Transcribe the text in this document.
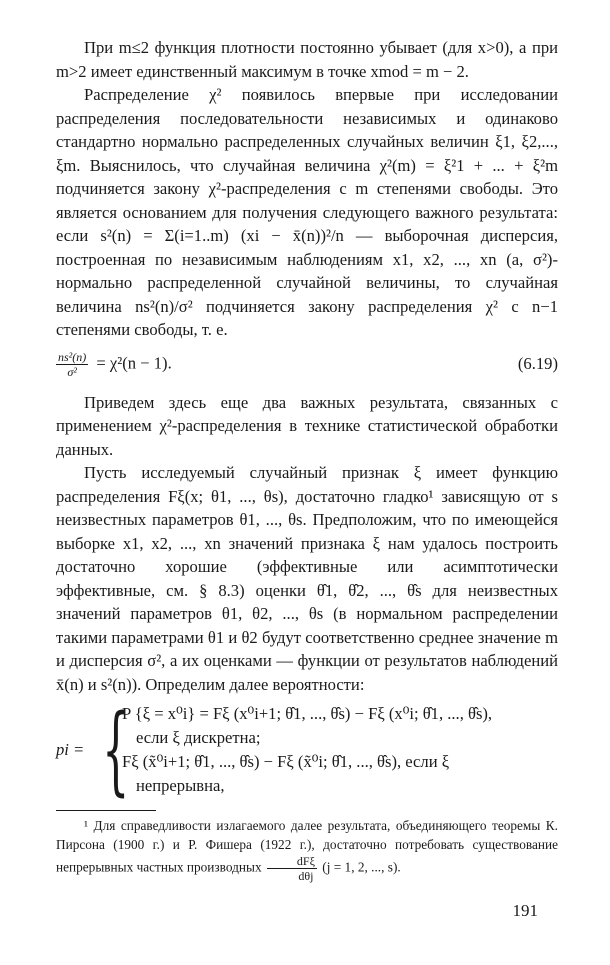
При m≤2 функция плотности постоянно убывает (для x>0), а при m>2 имеет единственный максимум в точке xmod = m − 2.

Распределение χ² появилось впервые при исследовании распределения последовательности независимых и одинаково стандартно нормально распределенных случайных величин ξ1, ξ2,..., ξm. Выяснилось, что случайная величина χ²(m) = ξ²1 + ... + ξ²m подчиняется закону χ²-распределения с m степенями свободы. Это является основанием для получения следующего важного результата: если s²(n) = Σ(i=1..m) (xi − x̄(n))²/n — выборочная дисперсия, построенная по независимым наблюдениям x1, x2, ..., xn (a, σ²)-нормально распределенной случайной величины, то случайная величина ns²(n)/σ² подчиняется закону распределения χ² с n−1 степенями свободы, т. е.

$\frac{\text{ns²(n)}}{\text{σ²}} = \chi^2(n - 1)$.	(6.19)

Приведем здесь еще два важных результата, связанных с применением χ²-распределения в технике статистической обработки данных.

Пусть исследуемый случайный признак ξ имеет функцию распределения Fξ(x; θ1, ..., θs), достаточно гладко¹ зависящую от s неизвестных параметров θ1, ..., θs. Предположим, что по имеющейся выборке x1, x2, ..., xn значений признака ξ нам удалось построить достаточно хорошие (эффективные или асимптотически эффективные, см. § 8.3) оценки θ̂1, θ̂2, ..., θ̂s для неизвестных значений параметров θ1, θ2, ..., θs (в нормальном распределении такими параметрами θ1 и θ2 будут соответственно среднее значение m и дисперсия σ², а их оценками — функции от результатов наблюдений x̄(n) и s²(n)). Определим далее вероятности:

pi = {
P {ξ = x⁰i} = Fξ (x⁰i+1; θ̂1, ..., θ̂s) − Fξ (x⁰i; θ̂1, ..., θ̂s),
если ξ дискретна;
Fξ (x̃⁰i+1; θ̂1, ..., θ̂s) − Fξ (x̃⁰i; θ̂1, ..., θ̂s), если ξ
непрерывна,

¹ Для справедливости излагаемого далее результата, объединяющего теоремы К. Пирсона (1900 г.) и Р. Фишера (1922 г.), достаточно потребовать существование непрерывных частных производных $\frac{\text{dFξ}}{\text{dθj}} (j = 1$, 2, ..., s).

191
